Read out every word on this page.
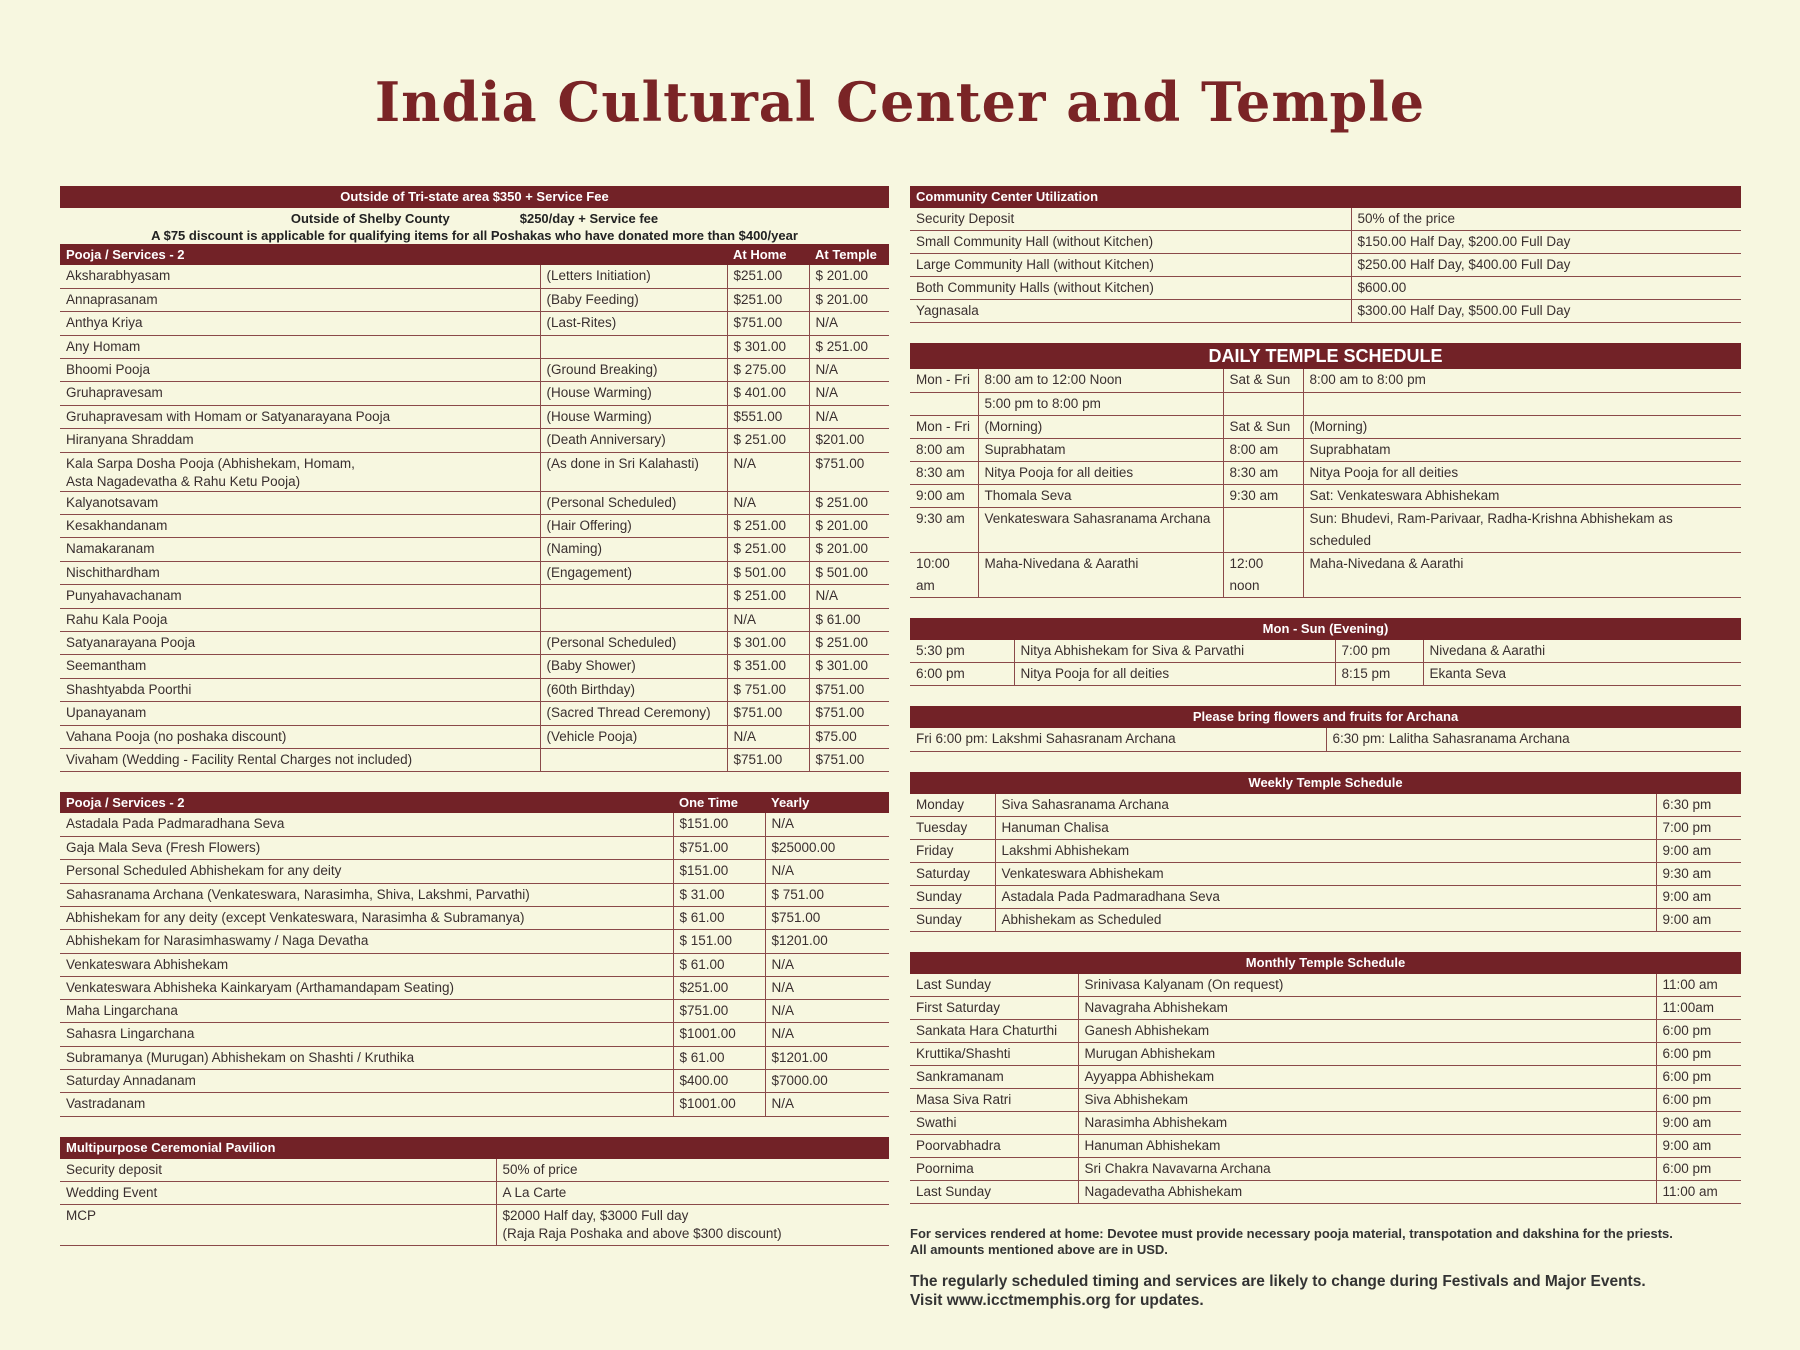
India Cultural Center and Temple
Outside of Tri-state area $350 + Service Fee
Outside of Shelby County	$250/day + Service fee
A $75 discount is applicable for qualifying items for all Poshakas who have donated more than $400/year
Pooja / Services - 2		At Home	At Temple
Aksharabhyasam	(Letters Initiation)	$251.00	$ 201.00
Annaprasanam	(Baby Feeding)	$251.00	$ 201.00
Anthya Kriya	(Last-Rites)	$751.00	N/A
Any Homam		$ 301.00	$ 251.00
Bhoomi Pooja	(Ground Breaking)	$ 275.00	N/A
Gruhapravesam	(House Warming)	$ 401.00	N/A
Gruhapravesam with Homam or Satyanarayana Pooja	(House Warming)	$551.00	N/A
Hiranyana Shraddam	(Death Anniversary)	$ 251.00	$201.00
Kala Sarpa Dosha Pooja (Abhishekam, Homam,
Asta Nagadevatha & Rahu Ketu Pooja)	(As done in Sri Kalahasti)	N/A	$751.00
Kalyanotsavam	(Personal Scheduled)	N/A	$ 251.00
Kesakhandanam	(Hair Offering)	$ 251.00	$ 201.00
Namakaranam	(Naming)	$ 251.00	$ 201.00
Nischithardham	(Engagement)	$ 501.00	$ 501.00
Punyahavachanam		$ 251.00	N/A
Rahu Kala Pooja		N/A	$ 61.00
Satyanarayana Pooja	(Personal Scheduled)	$ 301.00	$ 251.00
Seemantham	(Baby Shower)	$ 351.00	$ 301.00
Shashtyabda Poorthi	(60th Birthday)	$ 751.00	$751.00
Upanayanam	(Sacred Thread Ceremony)	$751.00	$751.00
Vahana Pooja (no poshaka discount)	(Vehicle Pooja)	N/A	$75.00
Vivaham (Wedding - Facility Rental Charges not included)		$751.00	$751.00
Pooja / Services - 2	One Time	Yearly
Astadala Pada Padmaradhana Seva	$151.00	N/A
Gaja Mala Seva (Fresh Flowers)	$751.00	$25000.00
Personal Scheduled Abhishekam for any deity	$151.00	N/A
Sahasranama Archana (Venkateswara, Narasimha, Shiva, Lakshmi, Parvathi)	$ 31.00	$ 751.00
Abhishekam for any deity (except Venkateswara, Narasimha & Subramanya)	$ 61.00	$751.00
Abhishekam for Narasimhaswamy / Naga Devatha	$ 151.00	$1201.00
Venkateswara Abhishekam	$ 61.00	N/A
Venkateswara Abhisheka Kainkaryam (Arthamandapam Seating)	$251.00	N/A
Maha Lingarchana	$751.00	N/A
Sahasra Lingarchana	$1001.00	N/A
Subramanya (Murugan) Abhishekam on Shashti / Kruthika	$ 61.00	$1201.00
Saturday Annadanam	$400.00	$7000.00
Vastradanam	$1001.00	N/A
Multipurpose Ceremonial Pavilion
Security deposit	50% of price
Wedding Event	A La Carte
MCP	$2000 Half day, $3000 Full day
(Raja Raja Poshaka and above $300 discount)
Community Center Utilization
Security Deposit	50% of the price
Small Community Hall (without Kitchen)	$150.00 Half Day, $200.00 Full Day
Large Community Hall (without Kitchen)	$250.00 Half Day, $400.00 Full Day
Both Community Halls (without Kitchen)	$600.00
Yagnasala	$300.00 Half Day, $500.00 Full Day
DAILY TEMPLE SCHEDULE
Mon - Fri	8:00 am to 12:00 Noon	Sat & Sun	8:00 am to 8:00 pm
	5:00 pm to 8:00 pm		
Mon - Fri	(Morning)	Sat & Sun	(Morning)
8:00 am	Suprabhatam	8:00 am	Suprabhatam
8:30 am	Nitya Pooja for all deities	8:30 am	Nitya Pooja for all deities
9:00 am	Thomala Seva	9:30 am	Sat: Venkateswara Abhishekam
9:30 am	Venkateswara Sahasranama Archana		Sun: Bhudevi, Ram-Parivaar, Radha-Krishna Abhishekam as scheduled
10:00 am	Maha-Nivedana & Aarathi	12:00 noon	Maha-Nivedana & Aarathi
Mon - Sun (Evening)
5:30 pm	Nitya Abhishekam for Siva & Parvathi	7:00 pm	Nivedana & Aarathi
6:00 pm	Nitya Pooja for all deities	8:15 pm	Ekanta Seva
Please bring flowers and fruits for Archana
Fri 6:00 pm: Lakshmi Sahasranam Archana	6:30 pm: Lalitha Sahasranama Archana
Weekly Temple Schedule
Monday	Siva Sahasranama Archana	6:30 pm
Tuesday	Hanuman Chalisa	7:00 pm
Friday	Lakshmi Abhishekam	9:00 am
Saturday	Venkateswara Abhishekam	9:30 am
Sunday	Astadala Pada Padmaradhana Seva	9:00 am
Sunday	Abhishekam as Scheduled	9:00 am
Monthly Temple Schedule
Last Sunday	Srinivasa Kalyanam (On request)	11:00 am
First Saturday	Navagraha Abhishekam	11:00am
Sankata Hara Chaturthi	Ganesh Abhishekam	6:00 pm
Kruttika/Shashti	Murugan Abhishekam	6:00 pm
Sankramanam	Ayyappa Abhishekam	6:00 pm
Masa Siva Ratri	Siva Abhishekam	6:00 pm
Swathi	Narasimha Abhishekam	9:00 am
Poorvabhadra	Hanuman Abhishekam	9:00 am
Poornima	Sri Chakra Navavarna Archana	6:00 pm
Last Sunday	Nagadevatha Abhishekam	11:00 am
For services rendered at home: Devotee must provide necessary pooja material, transpotation and dakshina for the priests.
All amounts mentioned above are in USD.
The regularly scheduled timing and services are likely to change during Festivals and Major Events.
Visit www.icctmemphis.org for updates.
